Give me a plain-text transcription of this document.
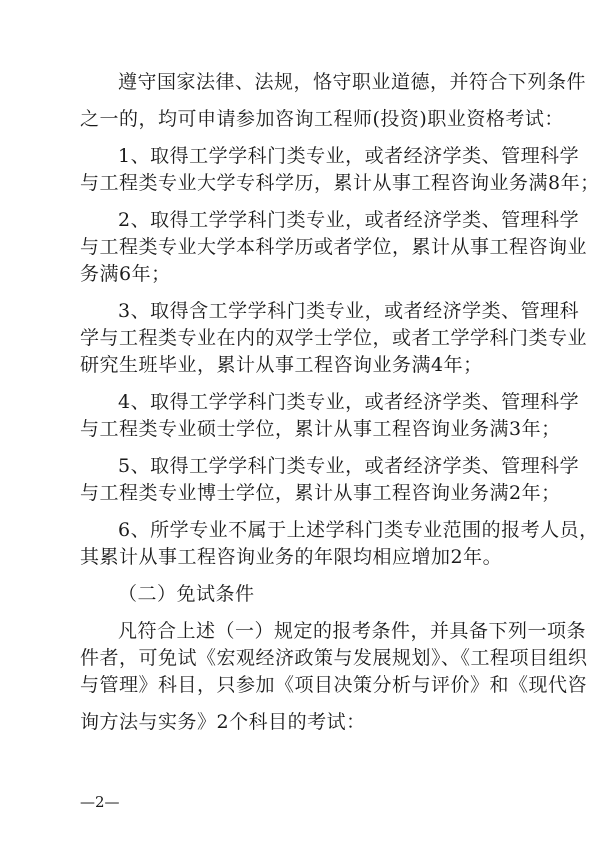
遵守国家法律、法规，恪守职业道德，并符合下列条件
之一的，均可申请参加咨询工程师(投资)职业资格考试：
1、取得工学学科门类专业，或者经济学类、管理科学
与工程类专业大学专科学历，累计从事工程咨询业务满8年；
2、取得工学学科门类专业，或者经济学类、管理科学
与工程类专业大学本科学历或者学位，累计从事工程咨询业
务满6年；
3、取得含工学学科门类专业，或者经济学类、管理科
学与工程类专业在内的双学士学位，或者工学学科门类专业
研究生班毕业，累计从事工程咨询业务满4年；
4、取得工学学科门类专业，或者经济学类、管理科学
与工程类专业硕士学位，累计从事工程咨询业务满3年；
5、取得工学学科门类专业，或者经济学类、管理科学
与工程类专业博士学位，累计从事工程咨询业务满2年；
6、所学专业不属于上述学科门类专业范围的报考人员，
其累计从事工程咨询业务的年限均相应增加2年。
（二）免试条件
凡符合上述（一）规定的报考条件，并具备下列一项条
件者，可免试《宏观经济政策与发展规划》、《工程项目组织
与管理》科目，只参加《项目决策分析与评价》和《现代咨
询方法与实务》2个科目的考试：
—2—
